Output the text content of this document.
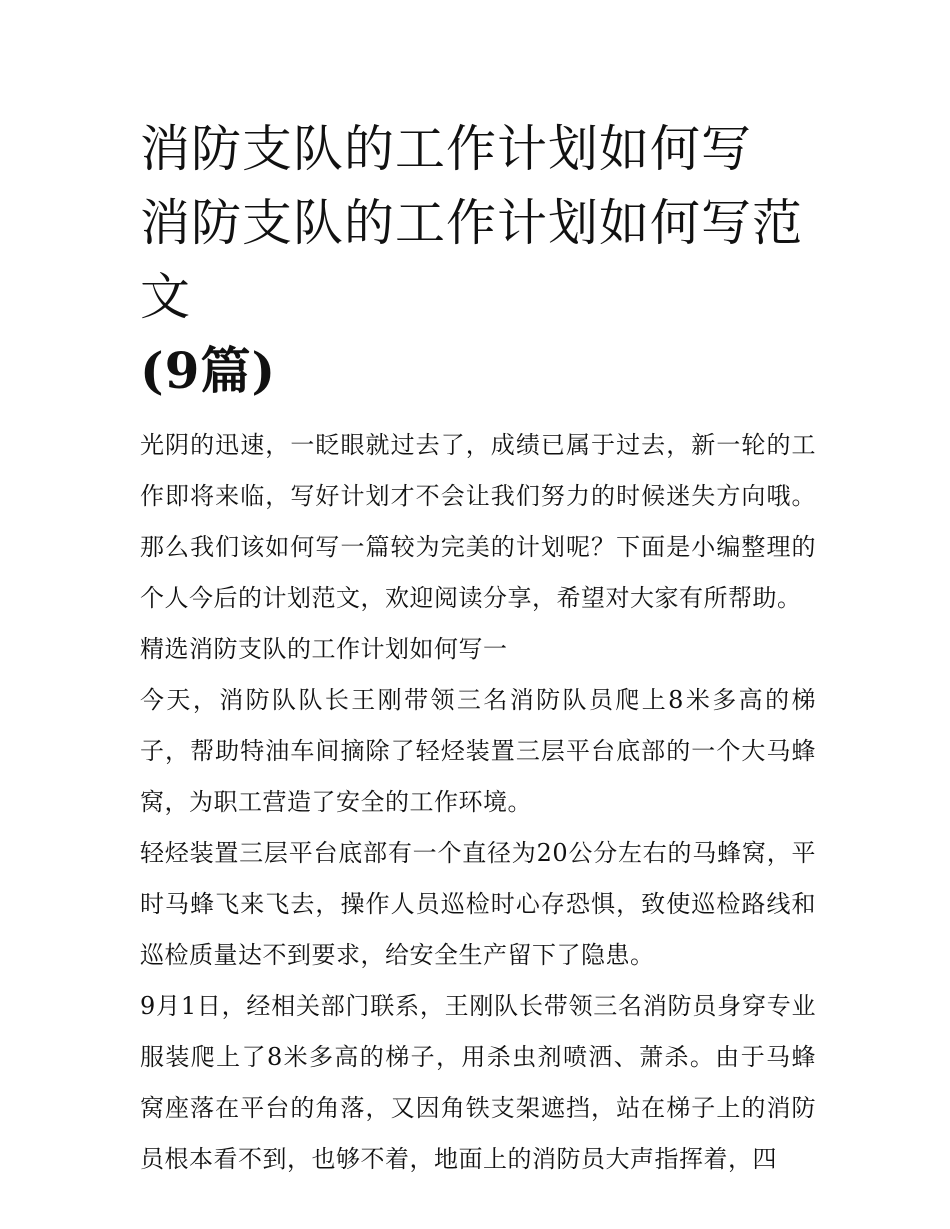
消防支队的工作计划如何写 消防支队的工作计划如何写范文
(9篇)

光阴的迅速，一眨眼就过去了，成绩已属于过去，新一轮的工作即将来临，写好计划才不会让我们努力的时候迷失方向哦。那么我们该如何写一篇较为完美的计划呢？下面是小编整理的个人今后的计划范文，欢迎阅读分享，希望对大家有所帮助。

精选消防支队的工作计划如何写一

今天，消防队队长王刚带领三名消防队员爬上8米多高的梯子，帮助特油车间摘除了轻烃装置三层平台底部的一个大马蜂窝，为职工营造了安全的工作环境。

轻烃装置三层平台底部有一个直径为20公分左右的马蜂窝，平时马蜂飞来飞去，操作人员巡检时心存恐惧，致使巡检路线和巡检质量达不到要求，给安全生产留下了隐患。

9月1日，经相关部门联系，王刚队长带领三名消防员身穿专业服装爬上了8米多高的梯子，用杀虫剂喷洒、萧杀。由于马蜂窝座落在平台的角落，又因角铁支架遮挡，站在梯子上的消防员根本看不到，也够不着，地面上的消防员大声指挥着，四
